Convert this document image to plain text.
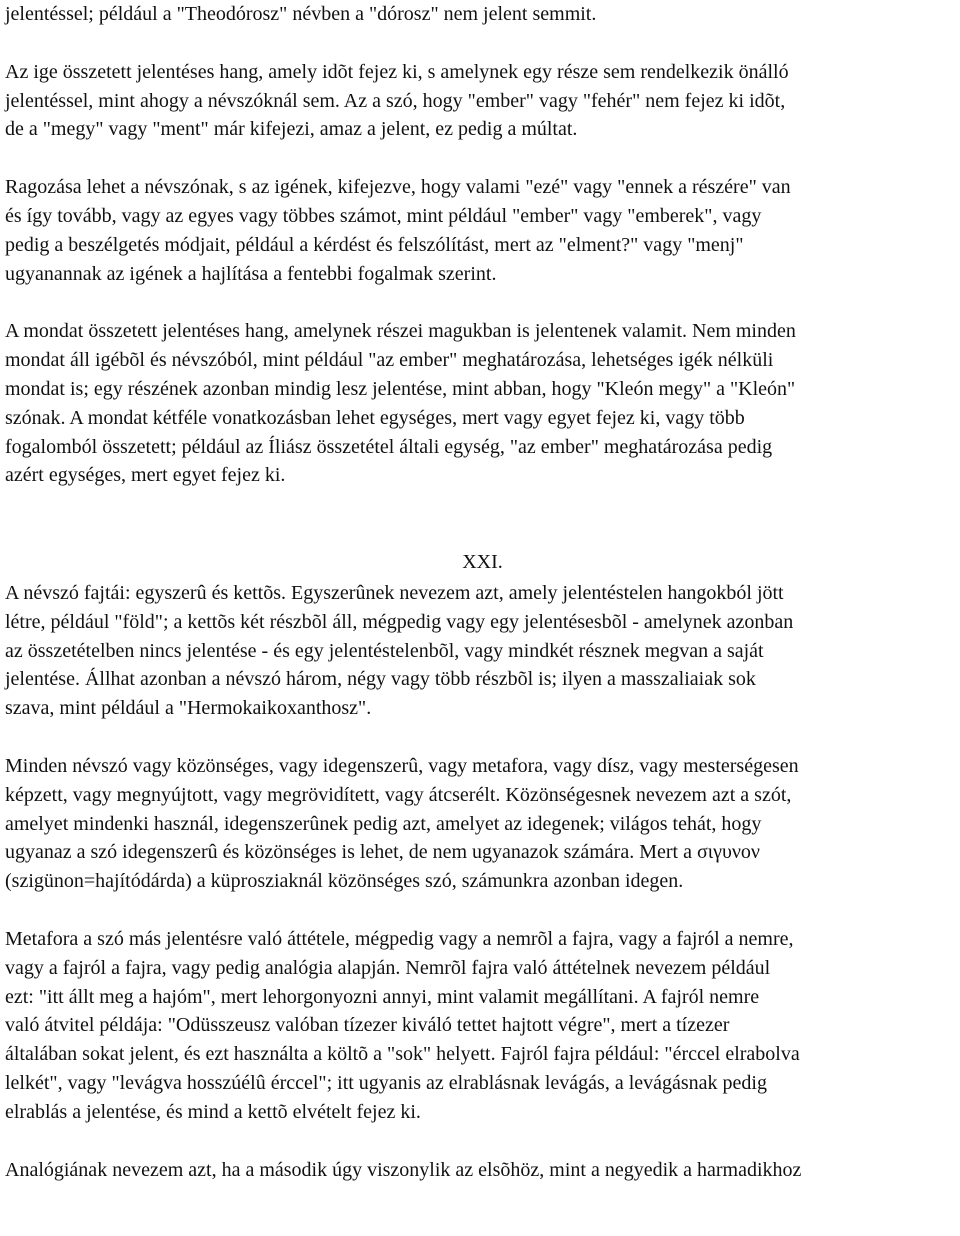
jelentéssel; például a "Theodórosz" névben a "dórosz" nem jelent semmit.
Az ige összetett jelentéses hang, amely idõt fejez ki, s amelynek egy része sem rendelkezik önálló
jelentéssel, mint ahogy a névszóknál sem. Az a szó, hogy "ember" vagy "fehér" nem fejez ki idõt,
de a "megy" vagy "ment" már kifejezi, amaz a jelent, ez pedig a múltat.
Ragozása lehet a névszónak, s az igének, kifejezve, hogy valami "ezé" vagy "ennek a részére" van
és így tovább, vagy az egyes vagy többes számot, mint például "ember" vagy "emberek", vagy
pedig a beszélgetés módjait, például a kérdést és felszólítást, mert az "elment?" vagy "menj"
ugyanannak az igének a hajlítása a fentebbi fogalmak szerint.
A mondat összetett jelentéses hang, amelynek részei magukban is jelentenek valamit. Nem minden
mondat áll igébõl és névszóból, mint például "az ember" meghatározása, lehetséges igék nélküli
mondat is; egy részének azonban mindig lesz jelentése, mint abban, hogy "Kleón megy" a "Kleón"
szónak. A mondat kétféle vonatkozásban lehet egységes, mert vagy egyet fejez ki, vagy több
fogalomból összetett; például az Íliász összetétel általi egység, "az ember" meghatározása pedig
azért egységes, mert egyet fejez ki.
XXI.
A névszó fajtái: egyszerû és kettõs. Egyszerûnek nevezem azt, amely jelentéstelen hangokból jött
létre, például "föld"; a kettõs két részbõl áll, mégpedig vagy egy jelentésesbõl - amelynek azonban
az összetételben nincs jelentése - és egy jelentéstelenbõl, vagy mindkét résznek megvan a saját
jelentése. Állhat azonban a névszó három, négy vagy több részbõl is; ilyen a masszaliaiak sok
szava, mint például a "Hermokaikoxanthosz".
Minden névszó vagy közönséges, vagy idegenszerû, vagy metafora, vagy dísz, vagy mesterségesen
képzett, vagy megnyújtott, vagy megrövidített, vagy átcserélt. Közönségesnek nevezem azt a szót,
amelyet mindenki használ, idegenszerûnek pedig azt, amelyet az idegenek; világos tehát, hogy
ugyanaz a szó idegenszerû és közönséges is lehet, de nem ugyanazok számára. Mert a σιγυνον
(szigünon=hajítódárda) a küprosziaknál közönséges szó, számunkra azonban idegen.
Metafora a szó más jelentésre való áttétele, mégpedig vagy a nemrõl a fajra, vagy a fajról a nemre,
vagy a fajról a fajra, vagy pedig analógia alapján. Nemrõl fajra való áttételnek nevezem például
ezt: "itt állt meg a hajóm", mert lehorgonyozni annyi, mint valamit megállítani. A fajról nemre
való átvitel példája: "Odüsszeusz valóban tízezer kiváló tettet hajtott végre", mert a tízezer
általában sokat jelent, és ezt használta a költõ a "sok" helyett. Fajról fajra például: "érccel elrabolva
lelkét", vagy "levágva hosszúélû érccel"; itt ugyanis az elrablásnak levágás, a levágásnak pedig
elrablás a jelentése, és mind a kettõ elvételt fejez ki.
Analógiának nevezem azt, ha a második úgy viszonylik az elsõhöz, mint a negyedik a harmadikhoz
